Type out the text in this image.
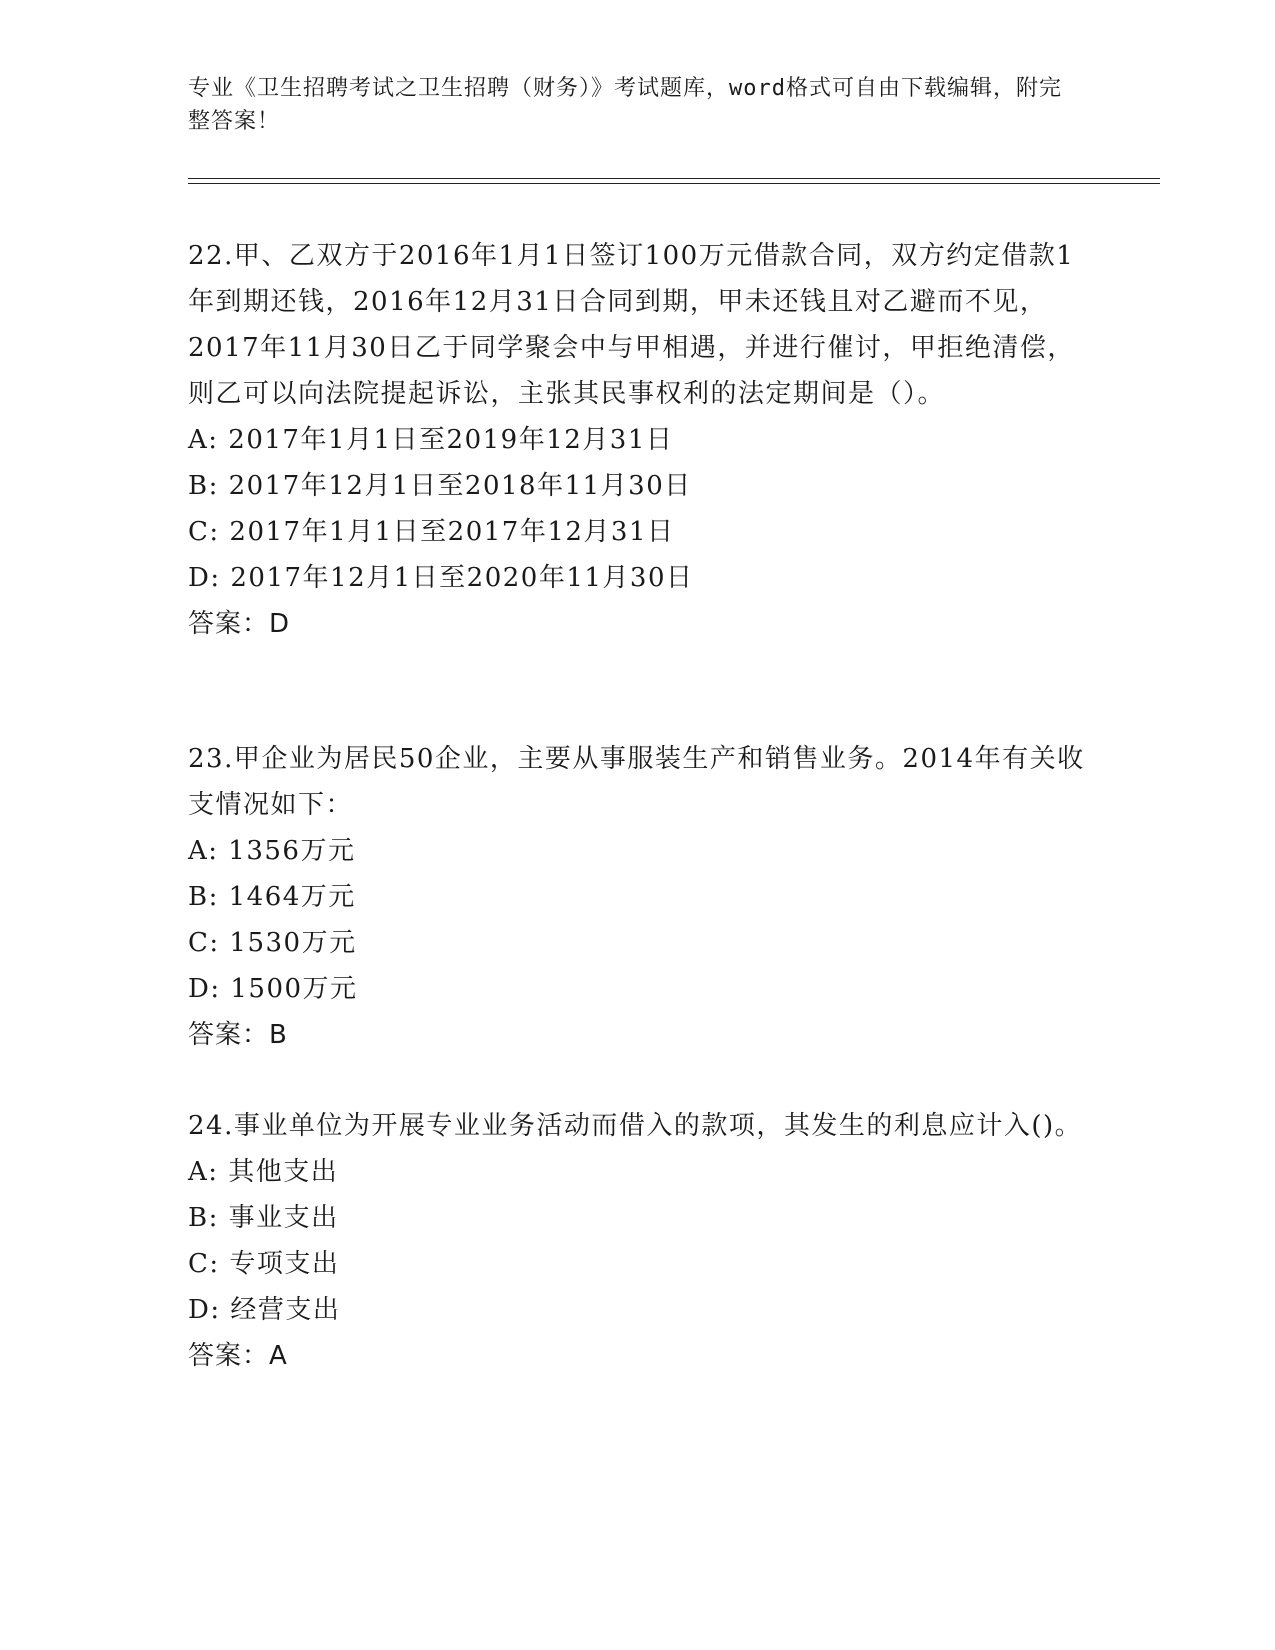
专业《卫生招聘考试之卫生招聘（财务）》考试题库，word格式可自由下载编辑，附完整答案！
22.甲、乙双方于2016年1月1日签订100万元借款合同，双方约定借款1年到期还钱，2016年12月31日合同到期，甲未还钱且对乙避而不见，2017年11月30日乙于同学聚会中与甲相遇，并进行催讨，甲拒绝清偿，则乙可以向法院提起诉讼，主张其民事权利的法定期间是（）。
A: 2017年1月1日至2019年12月31日
B: 2017年12月1日至2018年11月30日
C: 2017年1月1日至2017年12月31日
D: 2017年12月1日至2020年11月30日
答案：D
23.甲企业为居民50企业，主要从事服装生产和销售业务。2014年有关收支情况如下：
A: 1356万元
B: 1464万元
C: 1530万元
D: 1500万元
答案：B
24.事业单位为开展专业业务活动而借入的款项，其发生的利息应计入()。
A: 其他支出
B: 事业支出
C: 专项支出
D: 经营支出
答案：A
